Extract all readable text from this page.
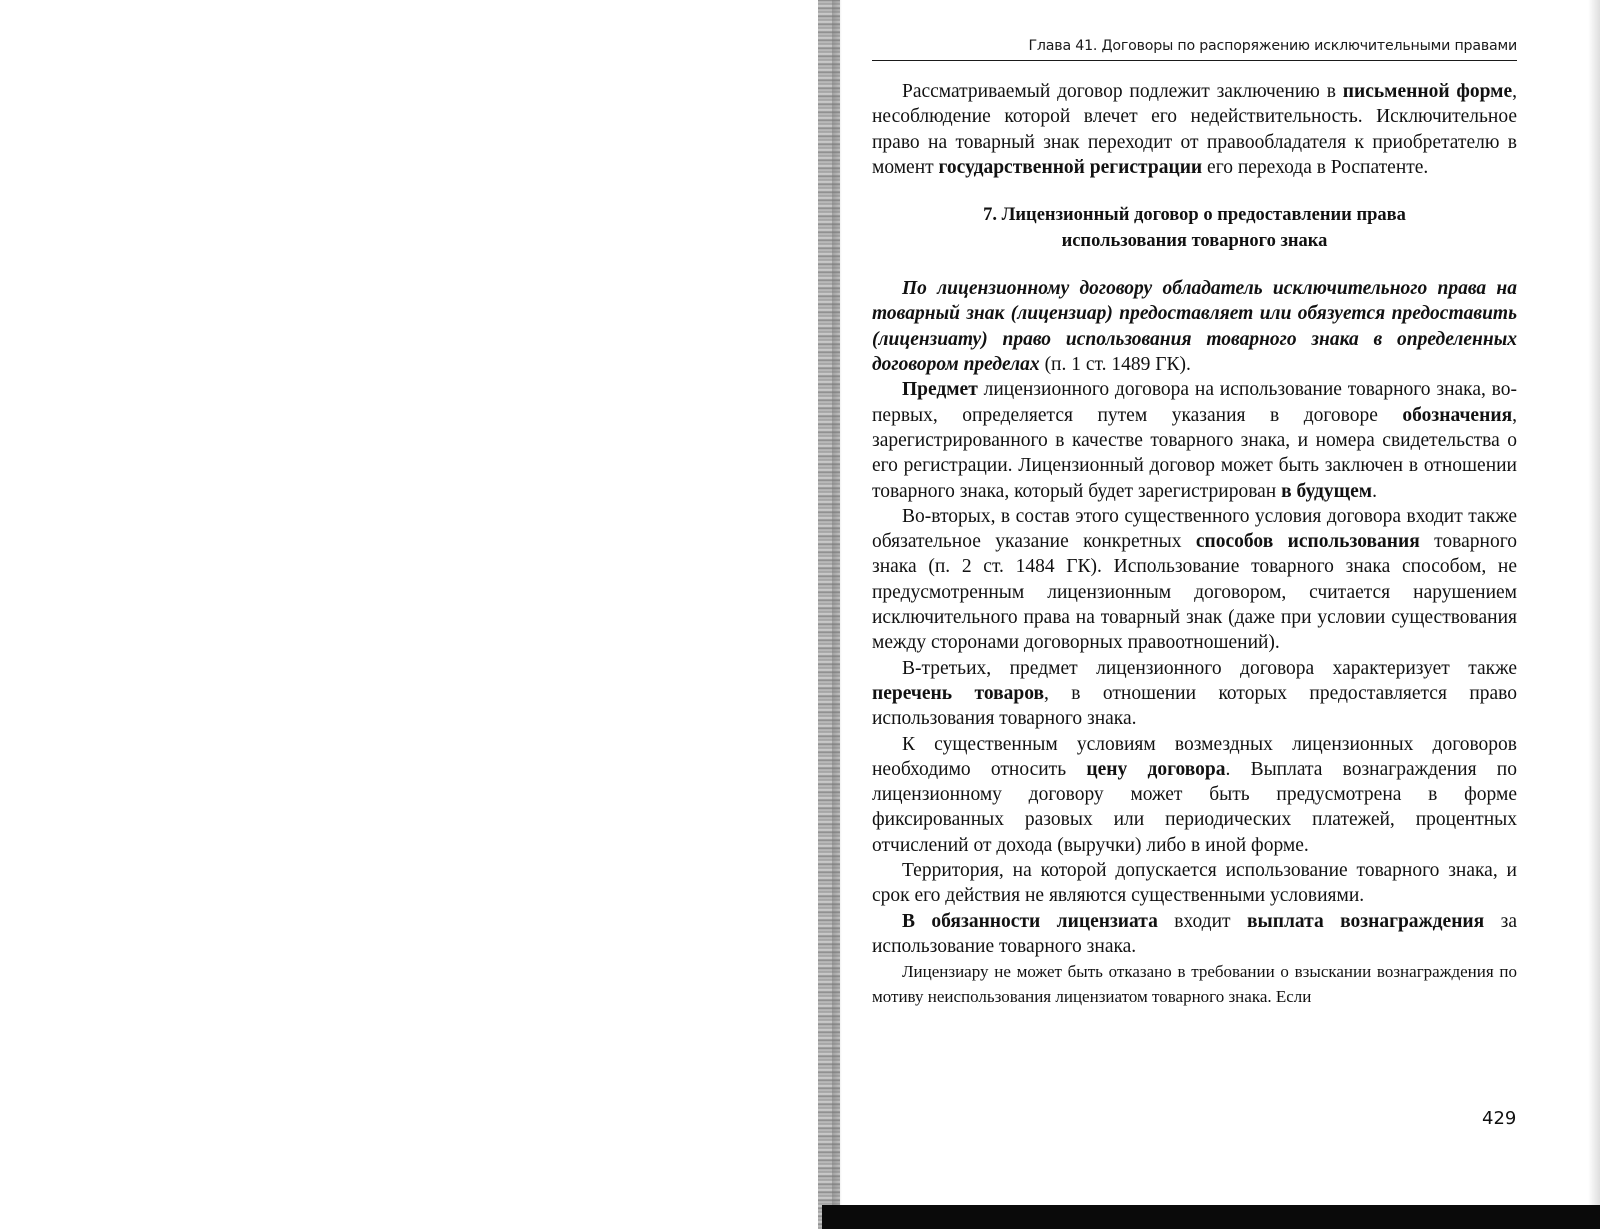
Глава 41. Договоры по распоряжению исключительными правами

Рассматриваемый договор подлежит заключению в письменной форме, несоблюдение которой влечет его недействительность. Исключительное право на товарный знак переходит от правообладателя к приобретателю в момент государственной регистрации его перехода в Роспатенте.

7. Лицензионный договор о предоставлении права
использования товарного знака

По лицензионному договору обладатель исключительного права на товарный знак (лицензиар) предоставляет или обязуется предоставить (лицензиату) право использования товарного знака в определенных договором пределах (п. 1 ст. 1489 ГК).

Предмет лицензионного договора на использование товарного знака, во-первых, определяется путем указания в договоре обозначения, зарегистрированного в качестве товарного знака, и номера свидетельства о его регистрации. Лицензионный договор может быть заключен в отношении товарного знака, который будет зарегистрирован в будущем.

Во-вторых, в состав этого существенного условия договора входит также обязательное указание конкретных способов использования товарного знака (п. 2 ст. 1484 ГК). Использование товарного знака способом, не предусмотренным лицензионным договором, считается нарушением исключительного права на товарный знак (даже при условии существования между сторонами договорных правоотношений).

В-третьих, предмет лицензионного договора характеризует также перечень товаров, в отношении которых предоставляется право использования товарного знака.

К существенным условиям возмездных лицензионных договоров необходимо относить цену договора. Выплата вознаграждения по лицензионному договору может быть предусмотрена в форме фиксированных разовых или периодических платежей, процентных отчислений от дохода (выручки) либо в иной форме.

Территория, на которой допускается использование товарного знака, и срок его действия не являются существенными условиями.

В обязанности лицензиата входит выплата вознаграждения за использование товарного знака.

Лицензиару не может быть отказано в требовании о взыскании вознаграждения по мотиву неиспользования лицензиатом товарного знака. Если

429
